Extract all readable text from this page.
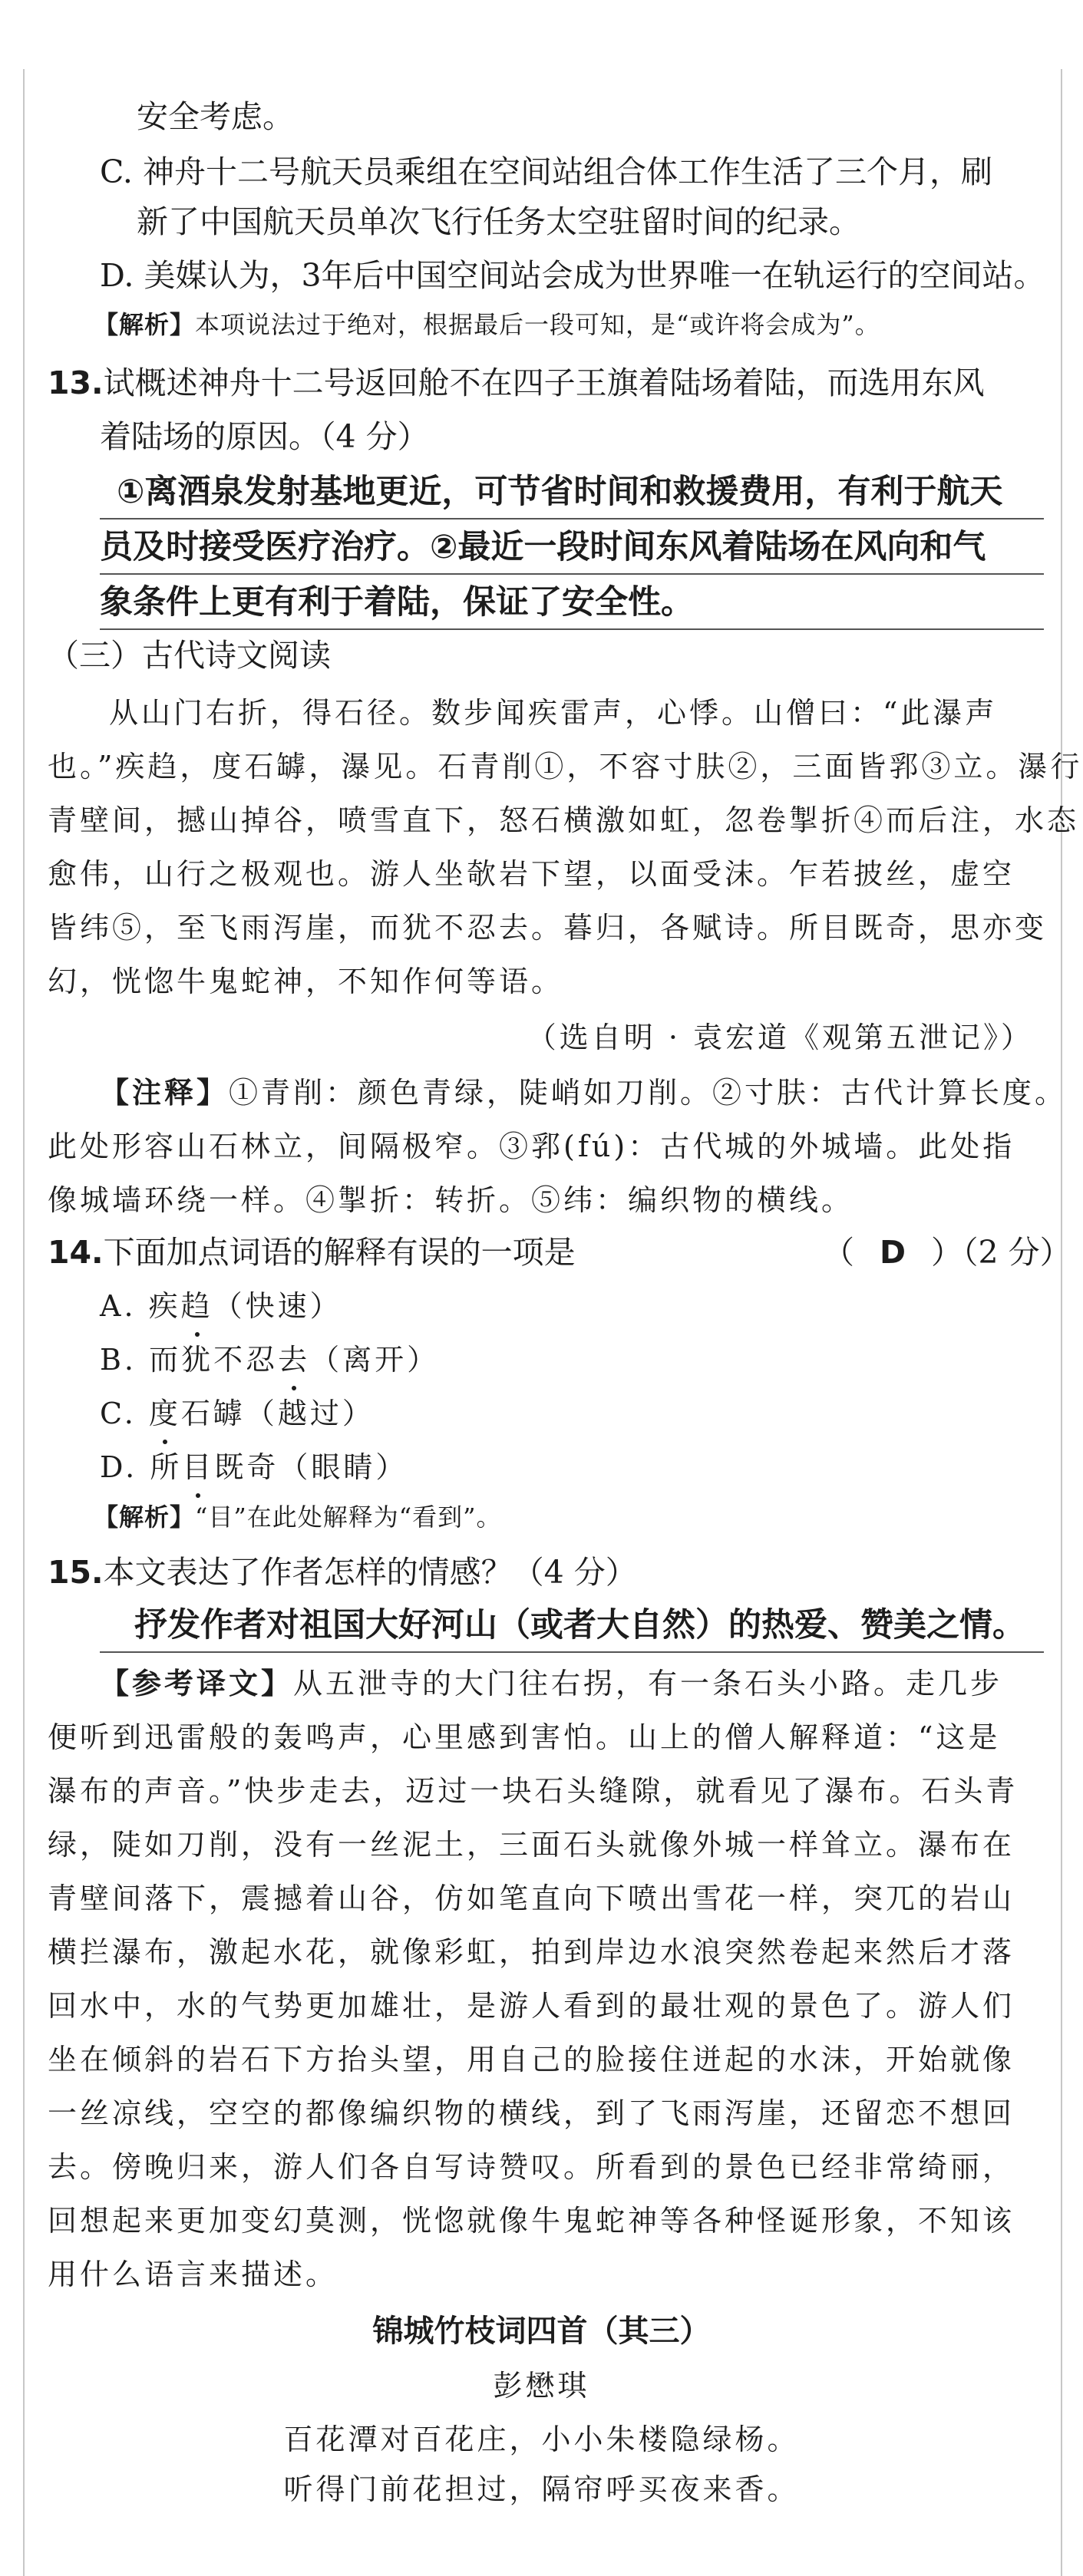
安全考虑。
C. 神舟十二号航天员乘组在空间站组合体工作生活了三个月，刷
新了中国航天员单次飞行任务太空驻留时间的纪录。
D. 美媒认为，3年后中国空间站会成为世界唯一在轨运行的空间站。
【解析】本项说法过于绝对，根据最后一段可知，是“或许将会成为”。
13.试概述神舟十二号返回舱不在四子王旗着陆场着陆，而选用东风
着陆场的原因。（4 分）
①离酒泉发射基地更近，可节省时间和救援费用，有利于航天
员及时接受医疗治疗。②最近一段时间东风着陆场在风向和气
象条件上更有利于着陆，保证了安全性。
（三）古代诗文阅读
从山门右折，得石径。数步闻疾雷声，心悸。山僧曰：“此瀑声
也。”疾趋，度石罅，瀑见。石青削①，不容寸肤②，三面皆郛③立。瀑行
青壁间，撼山掉谷，喷雪直下，怒石横激如虹，忽卷掣折④而后注，水态
愈伟，山行之极观也。游人坐欹岩下望，以面受沫。乍若披丝，虚空
皆纬⑤，至飞雨泻崖，而犹不忍去。暮归，各赋诗。所目既奇，思亦变
幻，恍惚牛鬼蛇神，不知作何等语。
（选自明 · 袁宏道《观第五泄记》）
【注释】①青削：颜色青绿，陡峭如刀削。②寸肤：古代计算长度。
此处形容山石林立，间隔极窄。③郛(fú)：古代城的外城墙。此处指
像城墙环绕一样。④掣折：转折。⑤纬：编织物的横线。
14.下面加点词语的解释有误的一项是	（ D ）（2 分）
A. 疾趋（快速）
B. 而犹不忍去（离开）
C. 度石罅（越过）
D. 所目既奇（眼睛）
【解析】“目”在此处解释为“看到”。
15.本文表达了作者怎样的情感？（4 分）
抒发作者对祖国大好河山（或者大自然）的热爱、赞美之情。
【参考译文】从五泄寺的大门往右拐，有一条石头小路。走几步
便听到迅雷般的轰鸣声，心里感到害怕。山上的僧人解释道：“这是
瀑布的声音。”快步走去，迈过一块石头缝隙，就看见了瀑布。石头青
绿，陡如刀削，没有一丝泥土，三面石头就像外城一样耸立。瀑布在
青壁间落下，震撼着山谷，仿如笔直向下喷出雪花一样，突兀的岩山
横拦瀑布，激起水花，就像彩虹，拍到岸边水浪突然卷起来然后才落
回水中，水的气势更加雄壮，是游人看到的最壮观的景色了。游人们
坐在倾斜的岩石下方抬头望，用自己的脸接住迸起的水沫，开始就像
一丝凉线，空空的都像编织物的横线，到了飞雨泻崖，还留恋不想回
去。傍晚归来，游人们各自写诗赞叹。所看到的景色已经非常绮丽，
回想起来更加变幻莫测，恍惚就像牛鬼蛇神等各种怪诞形象，不知该
用什么语言来描述。
锦城竹枝词四首（其三）
彭懋琪
百花潭对百花庄，小小朱楼隐绿杨。
听得门前花担过，隔帘呼买夜来香。
